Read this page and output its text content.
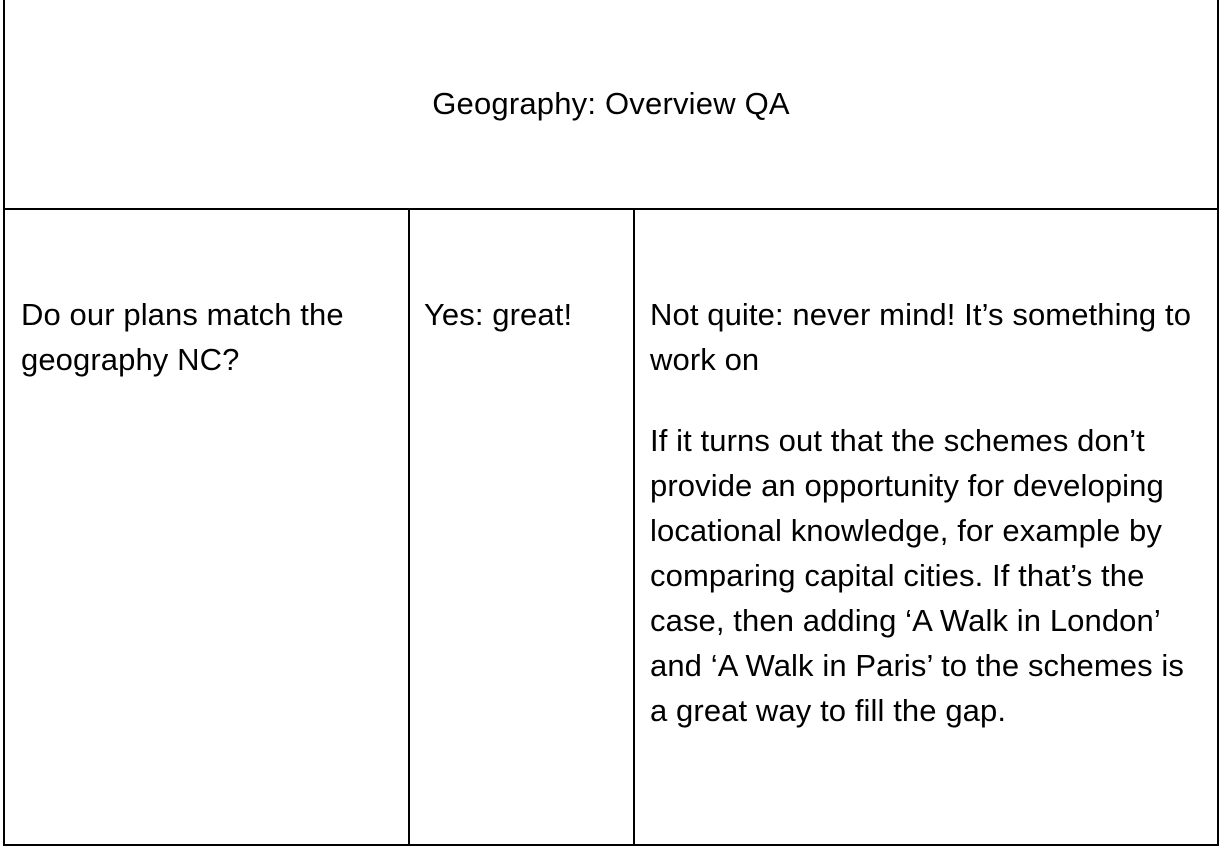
Geography: Overview QA

Do our plans match the geography NC?

Yes: great!	Not quite: never mind! It’s something to work on

If it turns out that the schemes don’t provide an opportunity for developing locational knowledge, for example by comparing capital cities. If that’s the case, then adding ‘A Walk in London’ and ‘A Walk in Paris’ to the schemes is a great way to fill the gap.
